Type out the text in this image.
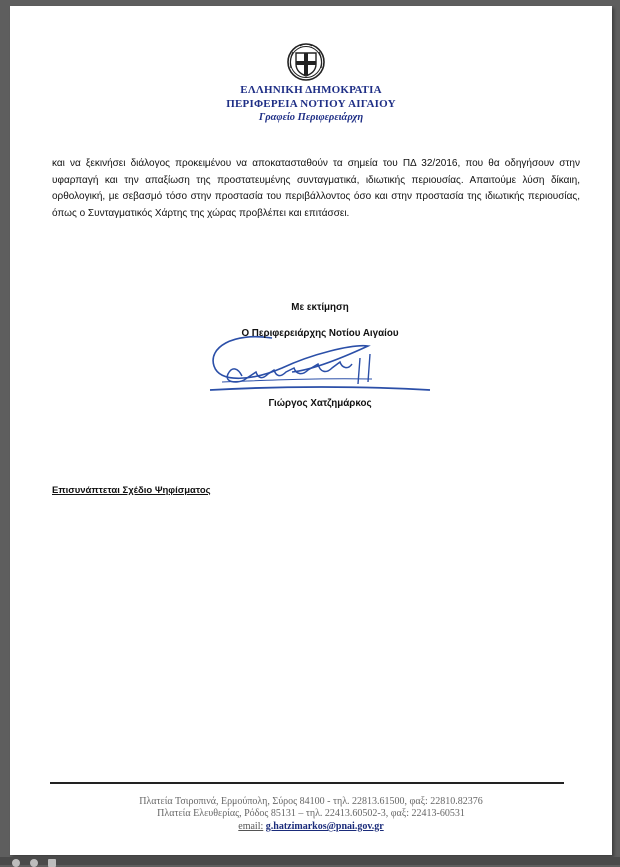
ΕΛΛΗΝΙΚΗ ΔΗΜΟΚΡΑΤΙΑ
ΠΕΡΙΦΕΡΕΙΑ ΝΟΤΙΟΥ ΑΙΓΑΙΟΥ
Γραφείο Περιφερειάρχη
και να ξεκινήσει διάλογος προκειμένου να αποκατασταθούν τα σημεία του ΠΔ 32/2016, που θα οδηγήσουν στην υφαρπαγή και την απαξίωση της προστατευμένης συνταγματικά, ιδιωτικής περιουσίας. Απαιτούμε λύση δίκαιη, ορθολογική, με σεβασμό τόσο στην προστασία του περιβάλλοντος όσο και στην προστασία της ιδιωτικής περιουσίας, όπως ο Συνταγματικός Χάρτης της χώρας προβλέπει και επιτάσσει.
Με εκτίμηση
Ο Περιφερειάρχης Νοτίου Αιγαίου
Γιώργος Χατζημάρκος
Επισυνάπτεται Σχέδιο Ψηφίσματος
Πλατεία Τσιροπινά, Ερμούπολη, Σύρος 84100 - τηλ. 22813.61500, φαξ: 22810.82376
Πλατεία Ελευθερίας, Ρόδος 85131 – τηλ. 22413.60502-3, φαξ: 22413-60531
email: g.hatzimarkos@pnai.gov.gr
